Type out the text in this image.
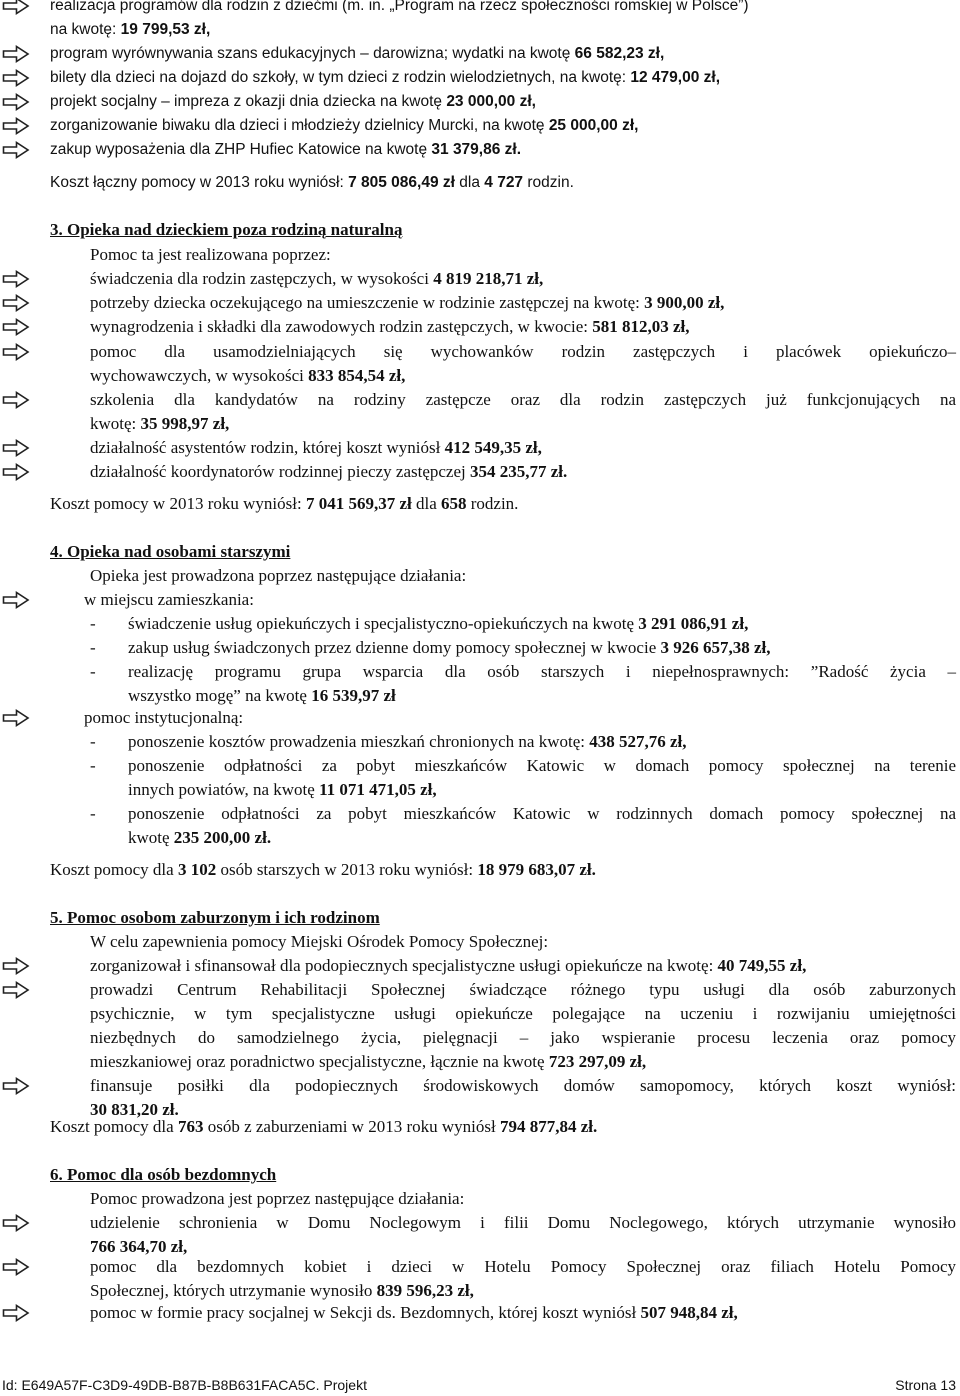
realizacja programów dla rodzin z dziećmi (m. in. „Program na rzecz społeczności romskiej w Polsce”)
na kwotę: 19 799,53 zł,
program wyrównywania szans edukacyjnych – darowizna; wydatki na kwotę 66 582,23 zł,
bilety dla dzieci na dojazd do szkoły, w tym dzieci z rodzin wielodzietnych, na kwotę: 12 479,00 zł,
projekt socjalny – impreza z okazji dnia dziecka na kwotę 23 000,00 zł,
zorganizowanie biwaku dla dzieci i młodzieży dzielnicy Murcki, na kwotę 25 000,00 zł,
zakup wyposażenia dla ZHP Hufiec Katowice na kwotę 31 379,86 zł.
Koszt łączny pomocy w 2013 roku wyniósł: 7 805 086,49 zł dla 4 727 rodzin.
3. Opieka nad dzieckiem poza rodziną naturalną
Pomoc ta jest realizowana poprzez:
świadczenia dla rodzin zastępczych, w wysokości 4 819 218,71 zł,
potrzeby dziecka oczekującego na umieszczenie w rodzinie zastępczej na kwotę: 3 900,00 zł,
wynagrodzenia i składki dla zawodowych rodzin zastępczych, w kwocie: 581 812,03 zł,
pomoc dla usamodzielniających się wychowanków rodzin zastępczych i placówek opiekuńczo–
wychowawczych, w wysokości 833 854,54 zł,
szkolenia dla kandydatów na rodziny zastępcze oraz dla rodzin zastępczych już funkcjonujących na
kwotę: 35 998,97 zł,
działalność asystentów rodzin, której koszt wyniósł 412 549,35 zł,
działalność koordynatorów rodzinnej pieczy zastępczej 354 235,77 zł.
Koszt pomocy w 2013 roku wyniósł: 7 041 569,37 zł dla 658 rodzin.
4. Opieka nad osobami starszymi
Opieka jest prowadzona poprzez następujące działania:
w miejscu zamieszkania:
- świadczenie usług opiekuńczych i specjalistyczno-opiekuńczych na kwotę 3 291 086,91 zł,
- zakup usług świadczonych przez dzienne domy pomocy społecznej w kwocie 3 926 657,38 zł,
- realizację programu grupa wsparcia dla osób starszych i niepełnosprawnych: ”Radość życia –
wszystko mogę” na kwotę 16 539,97 zł
pomoc instytucjonalną:
- ponoszenie kosztów prowadzenia mieszkań chronionych na kwotę: 438 527,76 zł,
- ponoszenie odpłatności za pobyt mieszkańców Katowic w domach pomocy społecznej na terenie
innych powiatów, na kwotę 11 071 471,05 zł,
- ponoszenie odpłatności za pobyt mieszkańców Katowic w rodzinnych domach pomocy społecznej na
kwotę 235 200,00 zł.
Koszt pomocy dla 3 102 osób starszych w 2013 roku wyniósł: 18 979 683,07 zł.
5. Pomoc osobom zaburzonym i ich rodzinom
W celu zapewnienia pomocy Miejski Ośrodek Pomocy Społecznej:
zorganizował i sfinansował dla podopiecznych specjalistyczne usługi opiekuńcze na kwotę: 40 749,55 zł,
prowadzi Centrum Rehabilitacji Społecznej świadczące różnego typu usługi dla osób zaburzonych
psychicznie, w tym specjalistyczne usługi opiekuńcze polegające na uczeniu i rozwijaniu umiejętności
niezbędnych do samodzielnego życia, pielęgnacji – jako wspieranie procesu leczenia oraz pomocy
mieszkaniowej oraz poradnictwo specjalistyczne, łącznie na kwotę 723 297,09 zł,
finansuje posiłki dla podopiecznych środowiskowych domów samopomocy, których koszt wyniósł:
30 831,20 zł.
Koszt pomocy dla 763 osób z zaburzeniami w 2013 roku wyniósł 794 877,84 zł.
6. Pomoc dla osób bezdomnych
Pomoc prowadzona jest poprzez następujące działania:
udzielenie schronienia w Domu Noclegowym i filii Domu Noclegowego, których utrzymanie wynosiło
766 364,70 zł,
pomoc dla bezdomnych kobiet i dzieci w Hotelu Pomocy Społecznej oraz filiach Hotelu Pomocy
Społecznej, których utrzymanie wynosiło 839 596,23 zł,
pomoc w formie pracy socjalnej w Sekcji ds. Bezdomnych, której koszt wyniósł 507 948,84 zł,
Id: E649A57F-C3D9-49DB-B87B-B8B631FACA5C. Projekt	Strona 13
